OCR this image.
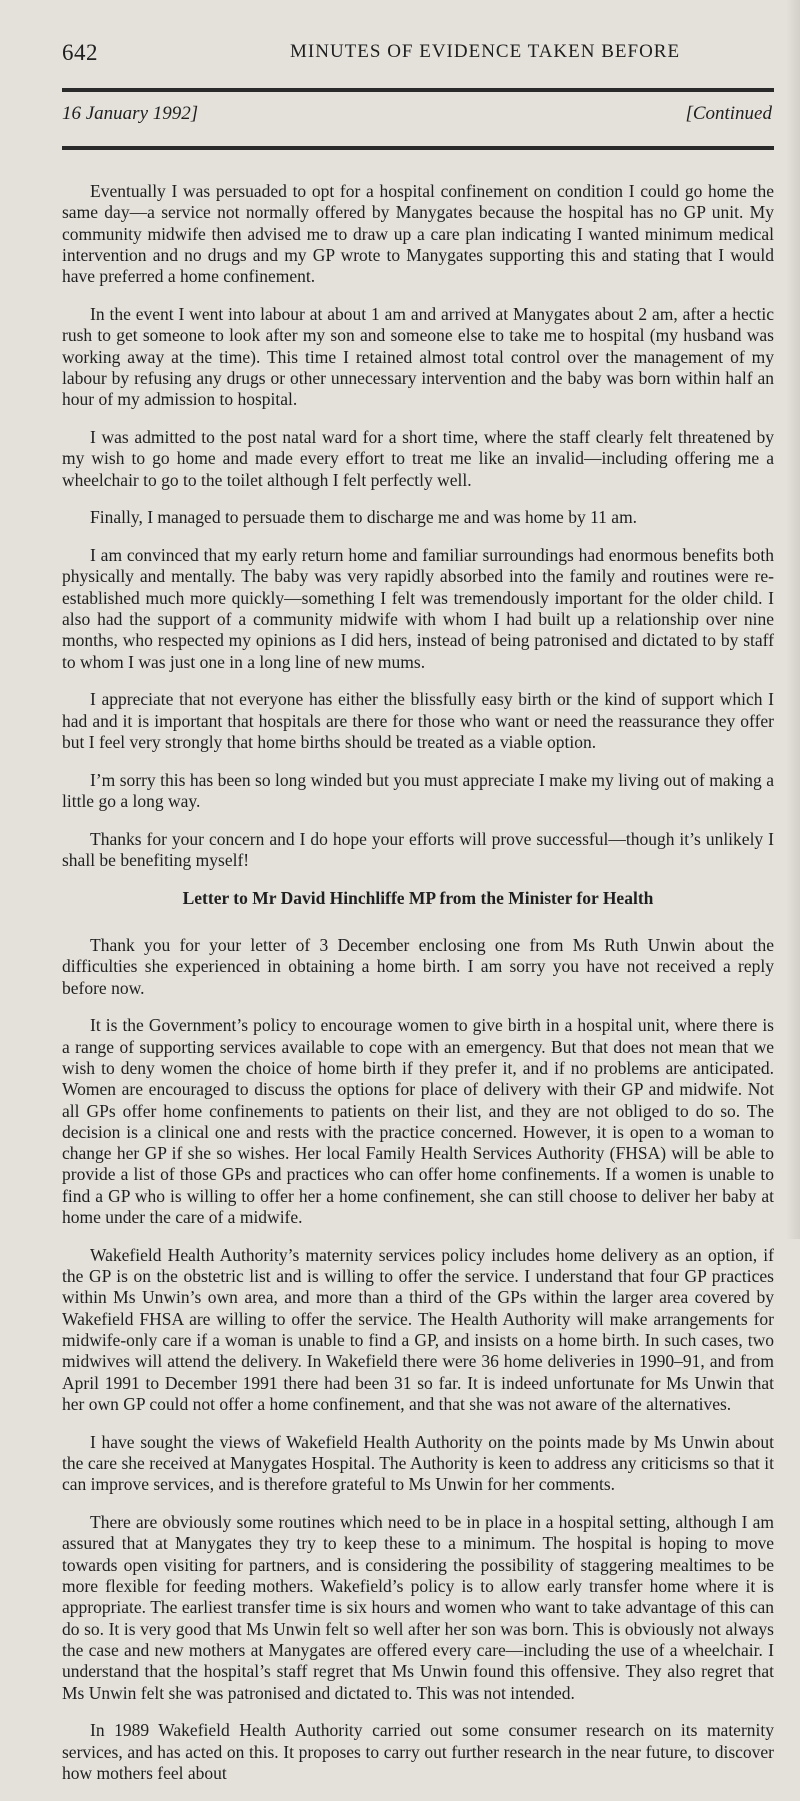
642	MINUTES OF EVIDENCE TAKEN BEFORE
16 January 1992]	[Continued

Eventually I was persuaded to opt for a hospital confinement on condition I could go home the same day—a service not normally offered by Manygates because the hospital has no GP unit. My community midwife then advised me to draw up a care plan indicating I wanted minimum medical intervention and no drugs and my GP wrote to Manygates supporting this and stating that I would have preferred a home confinement.

In the event I went into labour at about 1 am and arrived at Manygates about 2 am, after a hectic rush to get someone to look after my son and someone else to take me to hospital (my husband was working away at the time). This time I retained almost total control over the management of my labour by refusing any drugs or other unnecessary intervention and the baby was born within half an hour of my admission to hospital.

I was admitted to the post natal ward for a short time, where the staff clearly felt threatened by my wish to go home and made every effort to treat me like an invalid—including offering me a wheelchair to go to the toilet although I felt perfectly well.

Finally, I managed to persuade them to discharge me and was home by 11 am.

I am convinced that my early return home and familiar surroundings had enormous benefits both physically and mentally. The baby was very rapidly absorbed into the family and routines were re-established much more quickly—something I felt was tremendously important for the older child. I also had the support of a community midwife with whom I had built up a relationship over nine months, who respected my opinions as I did hers, instead of being patronised and dictated to by staff to whom I was just one in a long line of new mums.

I appreciate that not everyone has either the blissfully easy birth or the kind of support which I had and it is important that hospitals are there for those who want or need the reassurance they offer but I feel very strongly that home births should be treated as a viable option.

I’m sorry this has been so long winded but you must appreciate I make my living out of making a little go a long way.

Thanks for your concern and I do hope your efforts will prove successful—though it’s unlikely I shall be benefiting myself!

Letter to Mr David Hinchliffe MP from the Minister for Health

Thank you for your letter of 3 December enclosing one from Ms Ruth Unwin about the difficulties she experienced in obtaining a home birth. I am sorry you have not received a reply before now.

It is the Government’s policy to encourage women to give birth in a hospital unit, where there is a range of supporting services available to cope with an emergency. But that does not mean that we wish to deny women the choice of home birth if they prefer it, and if no problems are anticipated. Women are encouraged to discuss the options for place of delivery with their GP and midwife. Not all GPs offer home confinements to patients on their list, and they are not obliged to do so. The decision is a clinical one and rests with the practice concerned. However, it is open to a woman to change her GP if she so wishes. Her local Family Health Services Authority (FHSA) will be able to provide a list of those GPs and practices who can offer home confinements. If a women is unable to find a GP who is willing to offer her a home confinement, she can still choose to deliver her baby at home under the care of a midwife.

Wakefield Health Authority’s maternity services policy includes home delivery as an option, if the GP is on the obstetric list and is willing to offer the service. I understand that four GP practices within Ms Unwin’s own area, and more than a third of the GPs within the larger area covered by Wakefield FHSA are willing to offer the service. The Health Authority will make arrangements for midwife-only care if a woman is unable to find a GP, and insists on a home birth. In such cases, two midwives will attend the delivery. In Wakefield there were 36 home deliveries in 1990–91, and from April 1991 to December 1991 there had been 31 so far. It is indeed unfortunate for Ms Unwin that her own GP could not offer a home confinement, and that she was not aware of the alternatives.

I have sought the views of Wakefield Health Authority on the points made by Ms Unwin about the care she received at Manygates Hospital. The Authority is keen to address any criticisms so that it can improve services, and is therefore grateful to Ms Unwin for her comments.

There are obviously some routines which need to be in place in a hospital setting, although I am assured that at Manygates they try to keep these to a minimum. The hospital is hoping to move towards open visiting for partners, and is considering the possibility of staggering mealtimes to be more flexible for feeding mothers. Wakefield’s policy is to allow early transfer home where it is appropriate. The earliest transfer time is six hours and women who want to take advantage of this can do so. It is very good that Ms Unwin felt so well after her son was born. This is obviously not always the case and new mothers at Manygates are offered every care—including the use of a wheelchair. I understand that the hospital’s staff regret that Ms Unwin found this offensive. They also regret that Ms Unwin felt she was patronised and dictated to. This was not intended.

In 1989 Wakefield Health Authority carried out some consumer research on its maternity services, and has acted on this. It proposes to carry out further research in the near future, to discover how mothers feel about
